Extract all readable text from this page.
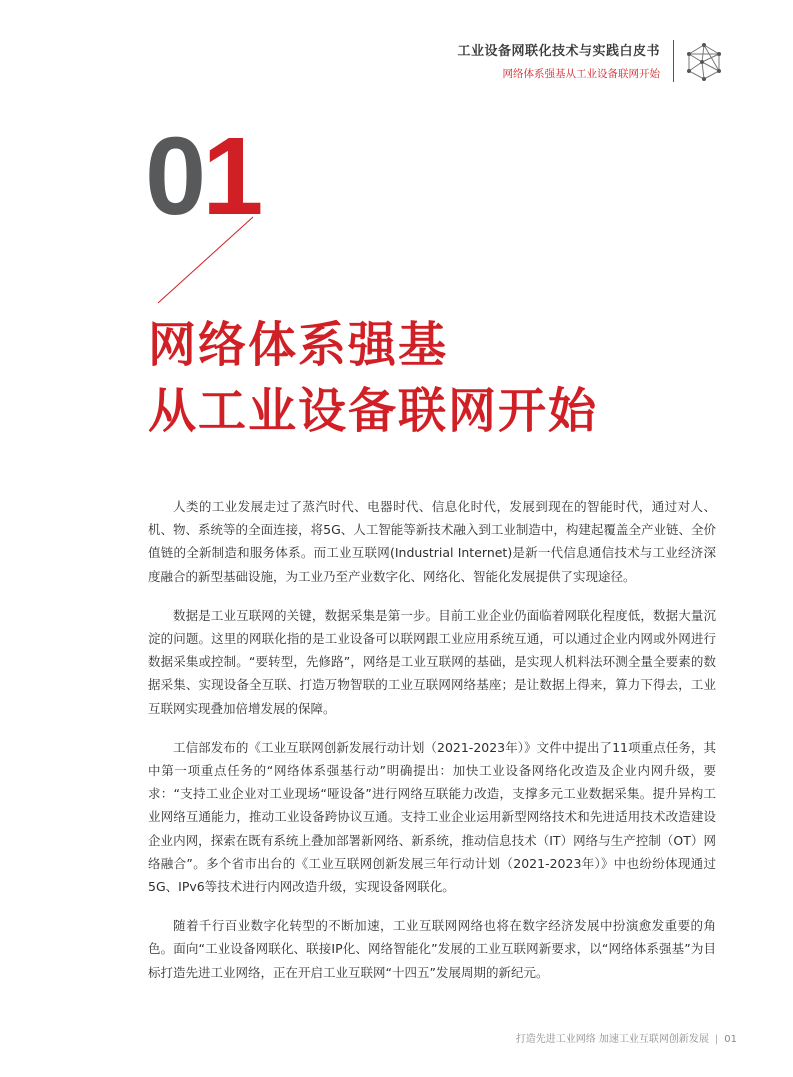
工业设备网联化技术与实践白皮书
网络体系强基从工业设备联网开始
01
网络体系强基
从工业设备联网开始

人类的工业发展走过了蒸汽时代、电器时代、信息化时代，发展到现在的智能时代，通过对人、机、物、系统等的全面连接，将5G、人工智能等新技术融入到工业制造中，构建起覆盖全产业链、全价值链的全新制造和服务体系。而工业互联网(Industrial Internet)是新一代信息通信技术与工业经济深度融合的新型基础设施，为工业乃至产业数字化、网络化、智能化发展提供了实现途径。

数据是工业互联网的关键，数据采集是第一步。目前工业企业仍面临着网联化程度低，数据大量沉淀的问题。这里的网联化指的是工业设备可以联网跟工业应用系统互通，可以通过企业内网或外网进行数据采集或控制。“要转型，先修路”，网络是工业互联网的基础，是实现人机料法环测全量全要素的数据采集、实现设备全互联、打造万物智联的工业互联网网络基座；是让数据上得来，算力下得去，工业互联网实现叠加倍增发展的保障。

工信部发布的《工业互联网创新发展行动计划（2021-2023年）》文件中提出了11项重点任务，其中第一项重点任务的“网络体系强基行动”明确提出：加快工业设备网络化改造及企业内网升级，要求：“支持工业企业对工业现场“哑设备”进行网络互联能力改造，支撑多元工业数据采集。提升异构工业网络互通能力，推动工业设备跨协议互通。支持工业企业运用新型网络技术和先进适用技术改造建设企业内网，探索在既有系统上叠加部署新网络、新系统，推动信息技术（IT）网络与生产控制（OT）网络融合”。多个省市出台的《工业互联网创新发展三年行动计划（2021-2023年）》中也纷纷体现通过5G、IPv6等技术进行内网改造升级，实现设备网联化。

随着千行百业数字化转型的不断加速，工业互联网网络也将在数字经济发展中扮演愈发重要的角色。面向“工业设备网联化、联接IP化、网络智能化”发展的工业互联网新要求，以“网络体系强基”为目标打造先进工业网络，正在开启工业互联网“十四五”发展周期的新纪元。

打造先进工业网络 加速工业互联网创新发展 | 01
